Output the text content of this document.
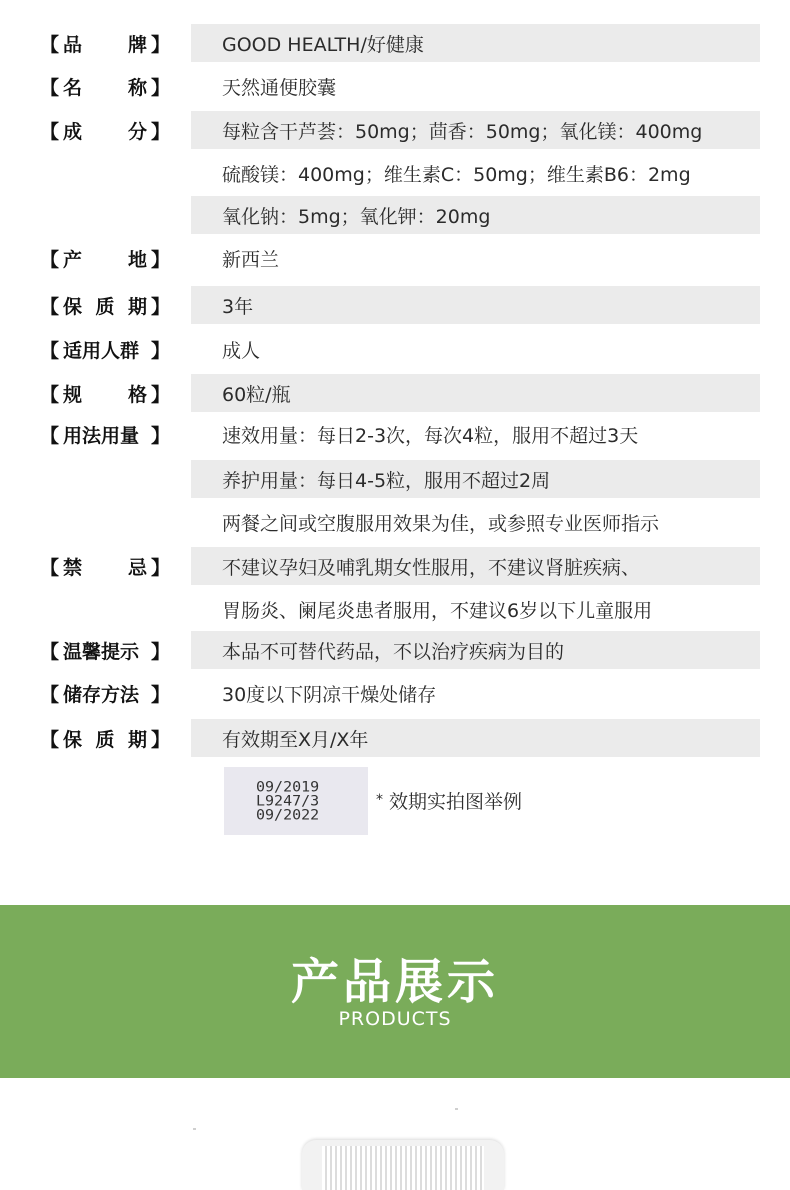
【 品 牌 】	GOOD HEALTH/好健康
【 名 称 】	天然通便胶囊
【 成 分 】	每粒含干芦荟：50mg；茴香：50mg；氧化镁：400mg
硫酸镁：400mg；维生素C：50mg；维生素B6：2mg
氧化钠：5mg；氧化钾：20mg
【 产 地 】	新西兰
【 保 质 期 】	3年
【 适用人群 】	成人
【 规 格 】	60粒/瓶
【 用法用量 】	速效用量：每日2-3次，每次4粒，服用不超过3天
养护用量：每日4-5粒，服用不超过2周
两餐之间或空腹服用效果为佳，或参照专业医师指示
【 禁 忌 】	不建议孕妇及哺乳期女性服用，不建议肾脏疾病、
胃肠炎、阑尾炎患者服用，不建议6岁以下儿童服用
【 温馨提示 】	本品不可替代药品，不以治疗疾病为目的
【 储存方法 】	30度以下阴凉干燥处储存
【 保 质 期 】	有效期至X月/X年
09/2019
L9247/3
09/2022
* 效期实拍图举例
产品展示
PRODUCTS
